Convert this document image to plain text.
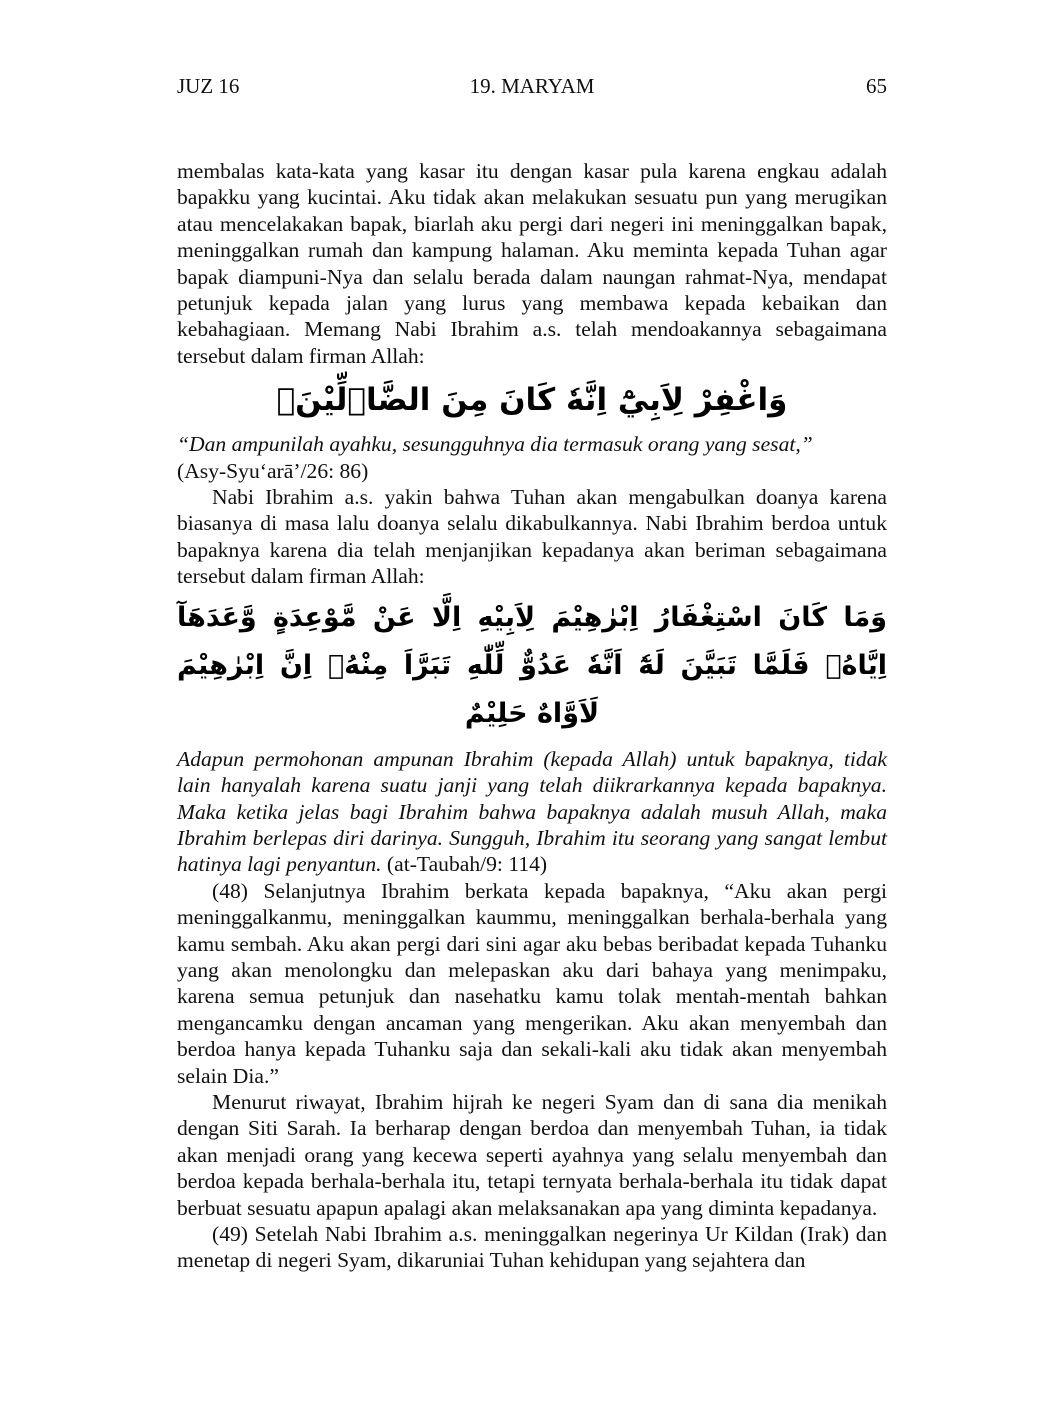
JUZ 16	19. MARYAM	65

membalas kata-kata yang kasar itu dengan kasar pula karena engkau adalah bapakku yang kucintai. Aku tidak akan melakukan sesuatu pun yang merugikan atau mencelakakan bapak, biarlah aku pergi dari negeri ini meninggalkan bapak, meninggalkan rumah dan kampung halaman. Aku meminta kepada Tuhan agar bapak diampuni-Nya dan selalu berada dalam naungan rahmat-Nya, mendapat petunjuk kepada jalan yang lurus yang membawa kepada kebaikan dan kebahagiaan. Memang Nabi Ibrahim a.s. telah mendoakannya sebagaimana tersebut dalam firman Allah:

وَاغْفِرْ لِاَبِيْٓ اِنَّهٗ كَانَ مِنَ الضَّاۤلِّيْنَۙ

“Dan ampunilah ayahku, sesungguhnya dia termasuk orang yang sesat,”
(Asy-Syu‘arā’/26: 86)

Nabi Ibrahim a.s. yakin bahwa Tuhan akan mengabulkan doanya karena biasanya di masa lalu doanya selalu dikabulkannya. Nabi Ibrahim berdoa untuk bapaknya karena dia telah menjanjikan kepadanya akan beriman sebagaimana tersebut dalam firman Allah:

وَمَا كَانَ اسْتِغْفَارُ اِبْرٰهِيْمَ لِاَبِيْهِ اِلَّا عَنْ مَّوْعِدَةٍ وَّعَدَهَآ اِيَّاهُۚ فَلَمَّا تَبَيَّنَ لَهٗٓ اَنَّهٗ عَدُوٌّ لِّلّٰهِ تَبَرَّاَ مِنْهُۗ اِنَّ اِبْرٰهِيْمَ لَاَوَّاهٌ حَلِيْمٌ

Adapun permohonan ampunan Ibrahim (kepada Allah) untuk bapaknya, tidak lain hanyalah karena suatu janji yang telah diikrarkannya kepada bapaknya. Maka ketika jelas bagi Ibrahim bahwa bapaknya adalah musuh Allah, maka Ibrahim berlepas diri darinya. Sungguh, Ibrahim itu seorang yang sangat lembut hatinya lagi penyantun. (at-Taubah/9: 114)

(48) Selanjutnya Ibrahim berkata kepada bapaknya, “Aku akan pergi meninggalkanmu, meninggalkan kaummu, meninggalkan berhala-berhala yang kamu sembah. Aku akan pergi dari sini agar aku bebas beribadat kepada Tuhanku yang akan menolongku dan melepaskan aku dari bahaya yang menimpaku, karena semua petunjuk dan nasehatku kamu tolak mentah-mentah bahkan mengancamku dengan ancaman yang mengerikan. Aku akan menyembah dan berdoa hanya kepada Tuhanku saja dan sekali-kali aku tidak akan menyembah selain Dia.”

Menurut riwayat, Ibrahim hijrah ke negeri Syam dan di sana dia menikah dengan Siti Sarah. Ia berharap dengan berdoa dan menyembah Tuhan, ia tidak akan menjadi orang yang kecewa seperti ayahnya yang selalu menyembah dan berdoa kepada berhala-berhala itu, tetapi ternyata berhala-berhala itu tidak dapat berbuat sesuatu apapun apalagi akan melaksanakan apa yang diminta kepadanya.

(49) Setelah Nabi Ibrahim a.s. meninggalkan negerinya Ur Kildan (Irak) dan menetap di negeri Syam, dikaruniai Tuhan kehidupan yang sejahtera dan
